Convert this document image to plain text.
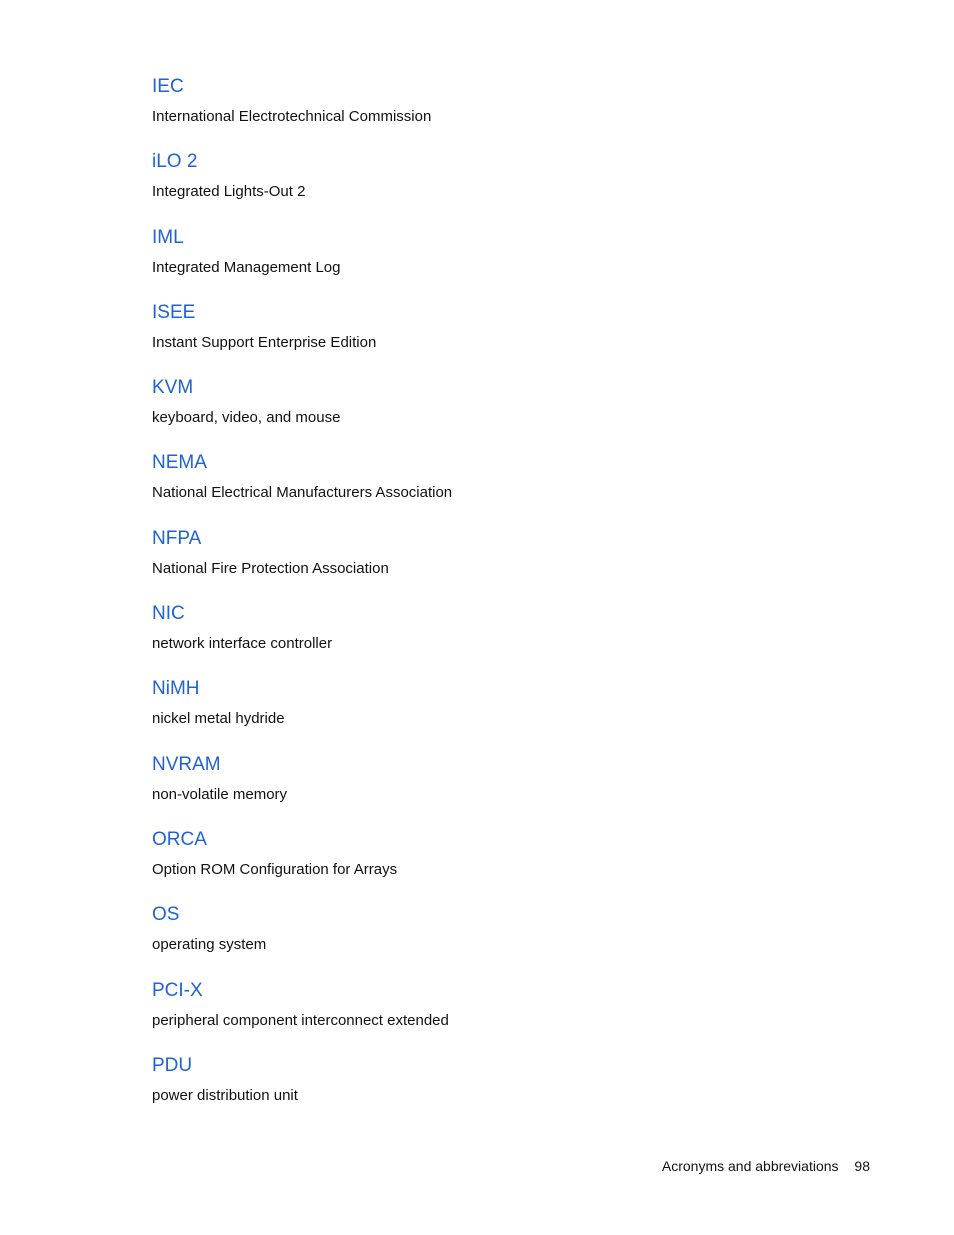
IEC
International Electrotechnical Commission
iLO 2
Integrated Lights-Out 2
IML
Integrated Management Log
ISEE
Instant Support Enterprise Edition
KVM
keyboard, video, and mouse
NEMA
National Electrical Manufacturers Association
NFPA
National Fire Protection Association
NIC
network interface controller
NiMH
nickel metal hydride
NVRAM
non-volatile memory
ORCA
Option ROM Configuration for Arrays
OS
operating system
PCI-X
peripheral component interconnect extended
PDU
power distribution unit
Acronyms and abbreviations 98
